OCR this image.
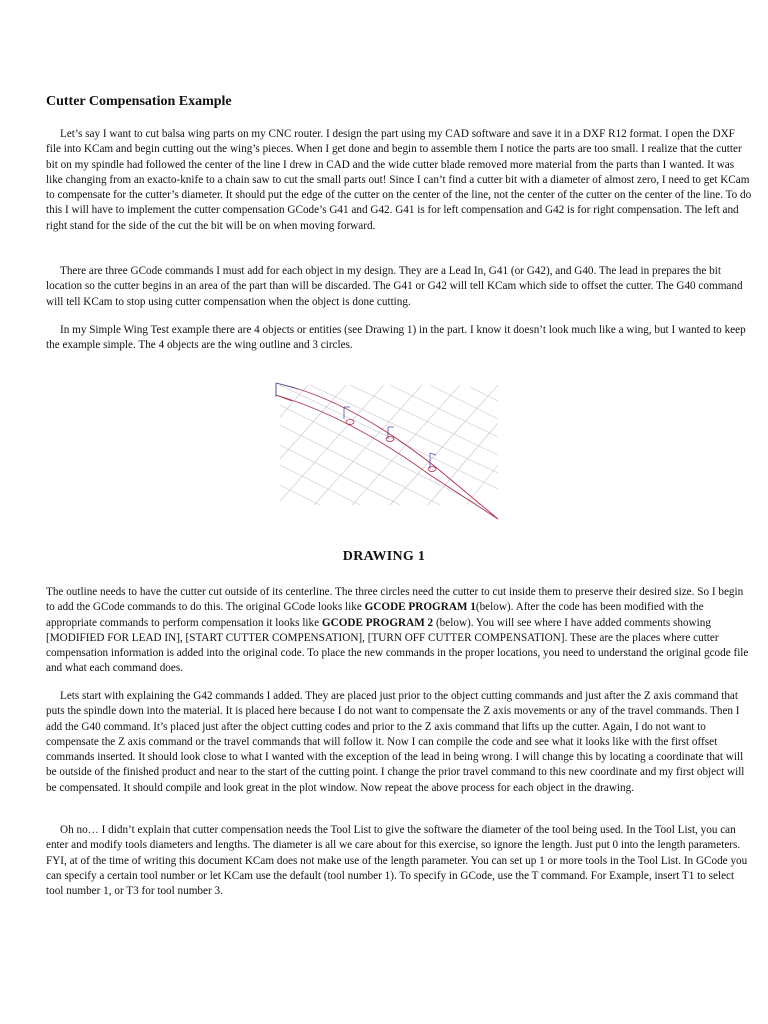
Cutter Compensation Example

Let’s say I want to cut balsa wing parts on my CNC router. I design the part using my CAD software and save it in a DXF R12 format. I open the DXF file into KCam and begin cutting out the wing’s pieces. When I get done and begin to assemble them I notice the parts are too small. I realize that the cutter bit on my spindle had followed the center of the line I drew in CAD and the wide cutter blade removed more material from the parts than I wanted. It was like changing from an exacto-knife to a chain saw to cut the small parts out! Since I can’t find a cutter bit with a diameter of almost zero, I need to get KCam to compensate for the cutter’s diameter. It should put the edge of the cutter on the center of the line, not the center of the cutter on the center of the line. To do this I will have to implement the cutter compensation GCode’s G41 and G42. G41 is for left compensation and G42 is for right compensation. The left and right stand for the side of the cut the bit will be on when moving forward.

There are three GCode commands I must add for each object in my design. They are a Lead In, G41 (or G42), and G40. The lead in prepares the bit location so the cutter begins in an area of the part than will be discarded. The G41 or G42 will tell KCam which side to offset the cutter. The G40 command will tell KCam to stop using cutter compensation when the object is done cutting.

In my Simple Wing Test example there are 4 objects or entities (see Drawing 1) in the part. I know it doesn’t look much like a wing, but I wanted to keep the example simple. The 4 objects are the wing outline and 3 circles.

DRAWING 1

The outline needs to have the cutter cut outside of its centerline. The three circles need the cutter to cut inside them to preserve their desired size. So I begin to add the GCode commands to do this. The original GCode looks like GCODE PROGRAM 1(below). After the code has been modified with the appropriate commands to perform compensation it looks like GCODE PROGRAM 2 (below). You will see where I have added comments showing [MODIFIED FOR LEAD IN], [START CUTTER COMPENSATION], [TURN OFF CUTTER COMPENSATION]. These are the places where cutter compensation information is added into the original code. To place the new commands in the proper locations, you need to understand the original gcode file and what each command does.

Lets start with explaining the G42 commands I added. They are placed just prior to the object cutting commands and just after the Z axis command that puts the spindle down into the material. It is placed here because I do not want to compensate the Z axis movements or any of the travel commands. Then I add the G40 command. It’s placed just after the object cutting codes and prior to the Z axis command that lifts up the cutter. Again, I do not want to compensate the Z axis command or the travel commands that will follow it. Now I can compile the code and see what it looks like with the first offset commands inserted. It should look close to what I wanted with the exception of the lead in being wrong. I will change this by locating a coordinate that will be outside of the finished product and near to the start of the cutting point. I change the prior travel command to this new coordinate and my first object will be compensated. It should compile and look great in the plot window. Now repeat the above process for each object in the drawing.

Oh no… I didn’t explain that cutter compensation needs the Tool List to give the software the diameter of the tool being used. In the Tool List, you can enter and modify tools diameters and lengths. The diameter is all we care about for this exercise, so ignore the length. Just put 0 into the length parameters. FYI, at of the time of writing this document KCam does not make use of the length parameter. You can set up 1 or more tools in the Tool List. In GCode you can specify a certain tool number or let KCam use the default (tool number 1). To specify in GCode, use the T command. For Example, insert T1 to select tool number 1, or T3 for tool number 3.
